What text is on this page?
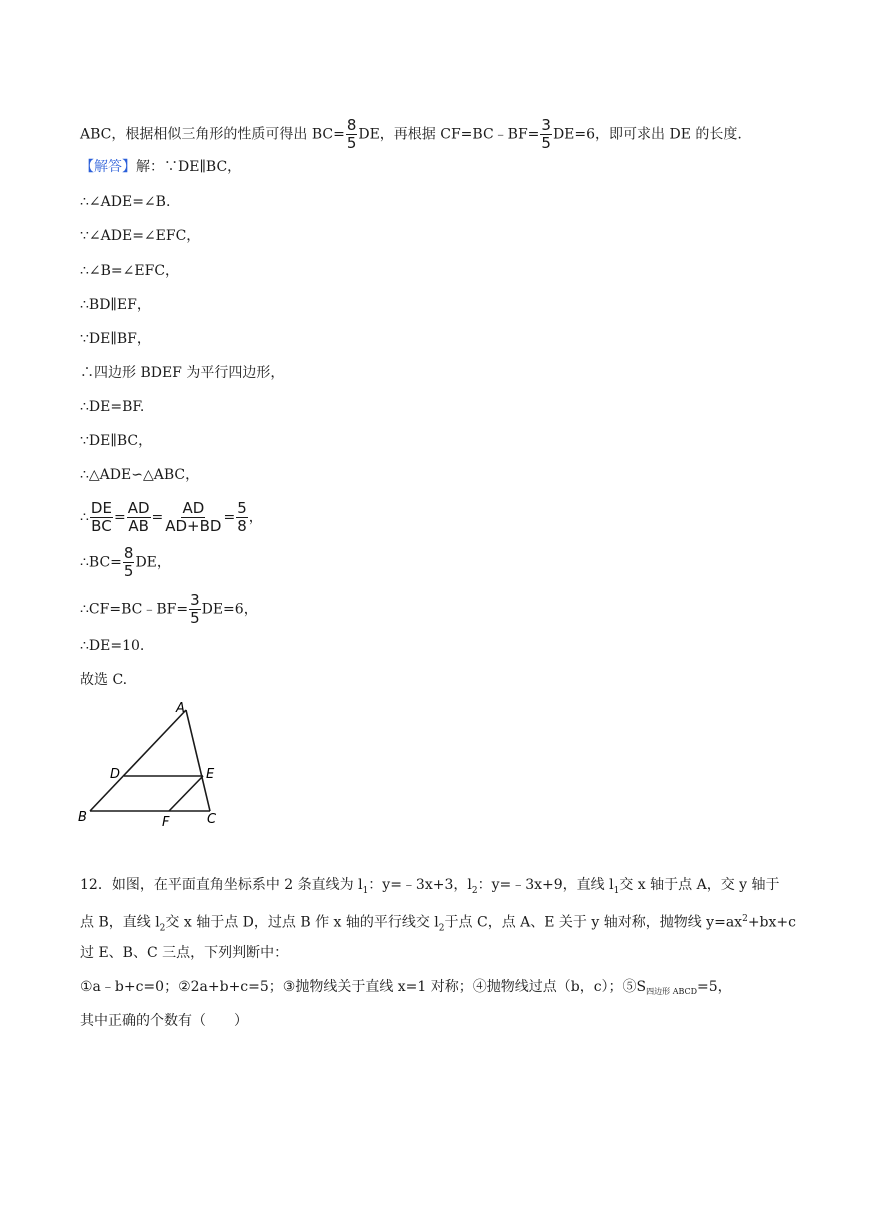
ABC，根据相似三角形的性质可得出 $BC= \frac{8}{5}$ DE，再根据 CF=BC﹣BF= $\frac{3}{5} DE=6$，即可求出 DE 的长度.
【解答】解：∵DE∥BC，
∴∠ADE=∠B.
∵∠ADE=∠EFC，
∴∠B=∠EFC，
∴BD∥EF，
∵DE∥BF，
∴四边形 BDEF 为平行四边形，
∴DE=BF.
∵DE∥BC，
∴△ADE∽△ABC，
∴ $\frac{DE}{BC} = \frac{AD}{AB} = \frac{AD}{AD+BD} = \frac{5}{8}$ ，
∴BC= $\frac{8}{5}$ DE，
∴CF=BC﹣BF= $\frac{3}{5} DE=6$，
∴DE=10.
故选 C.
A
D	E
B	F	C
12．如图，在平面直角坐标系中 2 条直线为 $l_1$：y=﹣3x+3，$l_2$：y=﹣3x+9，直线 $l_1$交 x 轴于点 A，交 y 轴于
点 B，直线 $l_2$交 x 轴于点 D，过点 B 作 x 轴的平行线交 $l_2$于点 C，点 A、E 关于 y 轴对称，抛物线 $y=ax^2+bx+c$
过 E、B、C 三点，下列判断中：
①a﹣b+c=0；②2a+b+c=5；③抛物线关于直线 x=1 对称；④抛物线过点（b，c）；$⑤S_{四边形 ABCD}=5$，
其中正确的个数有（　　）
